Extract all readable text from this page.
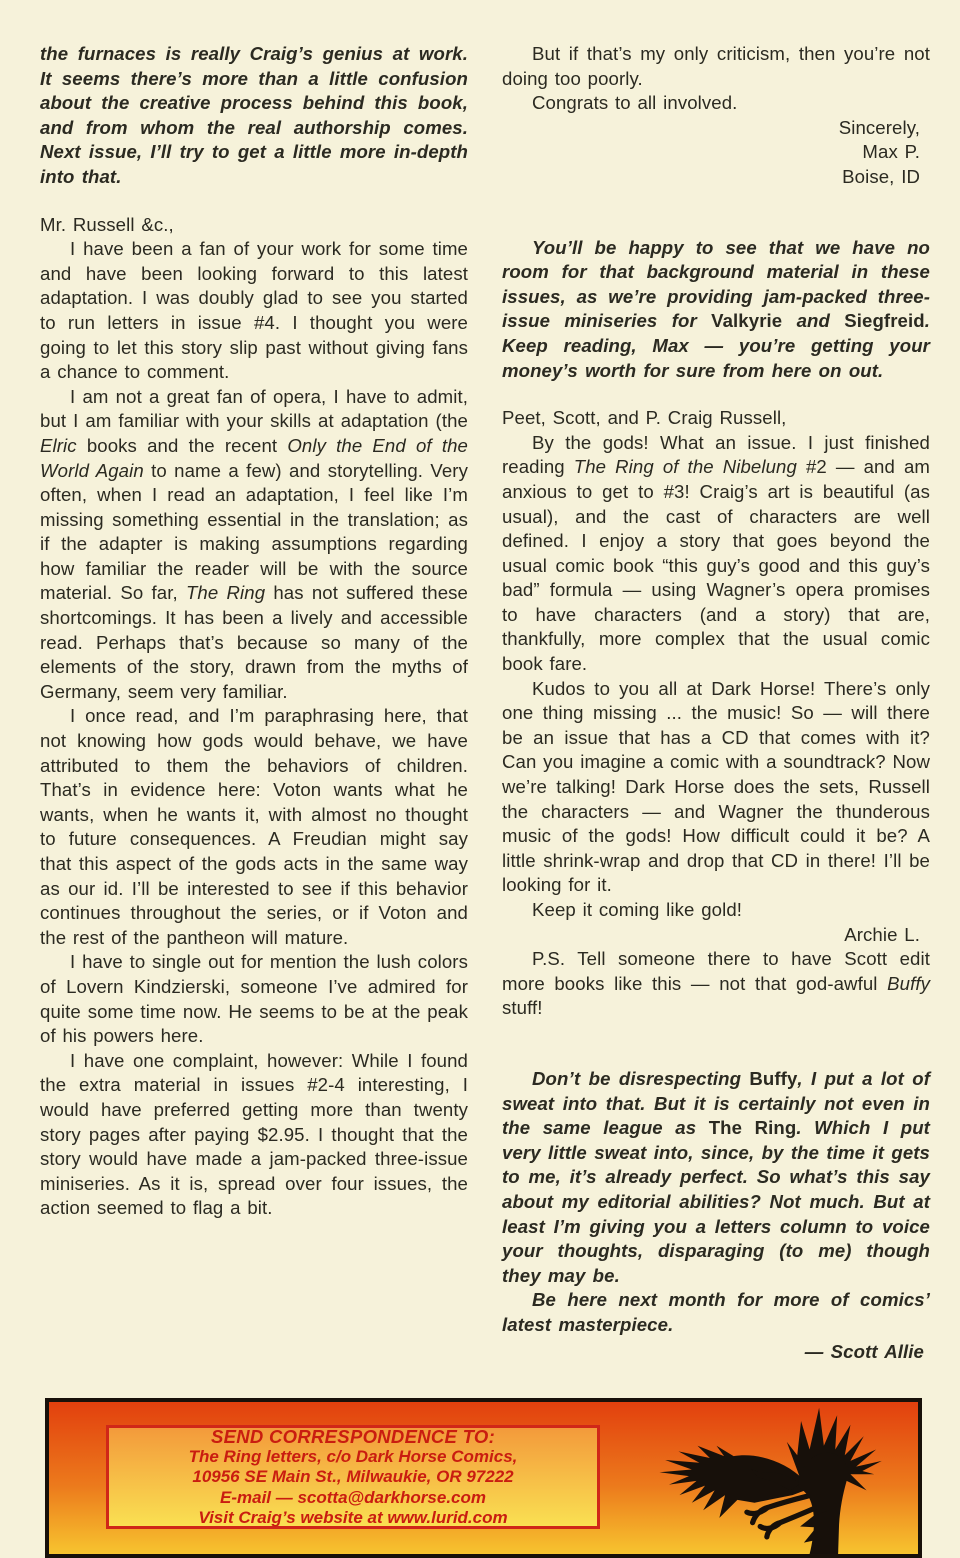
the furnaces is really Craig’s genius at work. It seems there’s more than a little confusion about the creative process behind this book, and from whom the real authorship comes. Next issue, I’ll try to get a little more in-depth into that.

Mr. Russell &c.,

I have been a fan of your work for some time and have been looking forward to this latest adaptation. I was doubly glad to see you started to run letters in issue #4. I thought you were going to let this story slip past without giving fans a chance to comment.

I am not a great fan of opera, I have to admit, but I am familiar with your skills at adaptation (the Elric books and the recent Only the End of the World Again to name a few) and storytelling. Very often, when I read an adaptation, I feel like I’m missing something essential in the translation; as if the adapter is making assumptions regarding how familiar the reader will be with the source material. So far, The Ring has not suffered these shortcomings. It has been a lively and accessible read. Perhaps that’s because so many of the elements of the story, drawn from the myths of Germany, seem very familiar.

I once read, and I’m paraphrasing here, that not knowing how gods would behave, we have attributed to them the behaviors of children. That’s in evidence here: Voton wants what he wants, when he wants it, with almost no thought to future consequences. A Freudian might say that this aspect of the gods acts in the same way as our id. I’ll be interested to see if this behavior continues throughout the series, or if Voton and the rest of the pantheon will mature.

I have to single out for mention the lush colors of Lovern Kindzierski, someone I’ve admired for quite some time now. He seems to be at the peak of his powers here.

I have one complaint, however: While I found the extra material in issues #2-4 interesting, I would have preferred getting more than twenty story pages after paying $2.95. I thought that the story would have made a jam-packed three-issue miniseries. As it is, spread over four issues, the action seemed to flag a bit.

But if that’s my only criticism, then you’re not doing too poorly.

Congrats to all involved.

Sincerely,

Max P.

Boise, ID

You’ll be happy to see that we have no room for that background material in these issues, as we’re providing jam-packed three-issue miniseries for Valkyrie and Siegfreid. Keep reading, Max — you’re getting your money’s worth for sure from here on out.

Peet, Scott, and P. Craig Russell,

By the gods! What an issue. I just finished reading The Ring of the Nibelung #2 — and am anxious to get to #3! Craig’s art is beautiful (as usual), and the cast of characters are well defined. I enjoy a story that goes beyond the usual comic book “this guy’s good and this guy’s bad” formula — using Wagner’s opera promises to have characters (and a story) that are, thankfully, more complex that the usual comic book fare.

Kudos to you all at Dark Horse! There’s only one thing missing ... the music! So — will there be an issue that has a CD that comes with it? Can you imagine a comic with a soundtrack? Now we’re talking! Dark Horse does the sets, Russell the characters — and Wagner the thunderous music of the gods! How difficult could it be? A little shrink-wrap and drop that CD in there! I’ll be looking for it.

Keep it coming like gold!

Archie L.

P.S. Tell someone there to have Scott edit more books like this — not that god-awful Buffy stuff!

Don’t be disrespecting Buffy, I put a lot of sweat into that. But it is certainly not even in the same league as The Ring. Which I put very little sweat into, since, by the time it gets to me, it’s already perfect. So what’s this say about my editorial abilities? Not much. But at least I’m giving you a letters column to voice your thoughts, disparaging (to me) though they may be.

Be here next month for more of comics’ latest masterpiece.

— Scott Allie

SEND CORRESPONDENCE TO:
The Ring letters, c/o Dark Horse Comics,
10956 SE Main St., Milwaukie, OR 97222
E-mail — scotta@darkhorse.com
Visit Craig’s website at www.lurid.com
